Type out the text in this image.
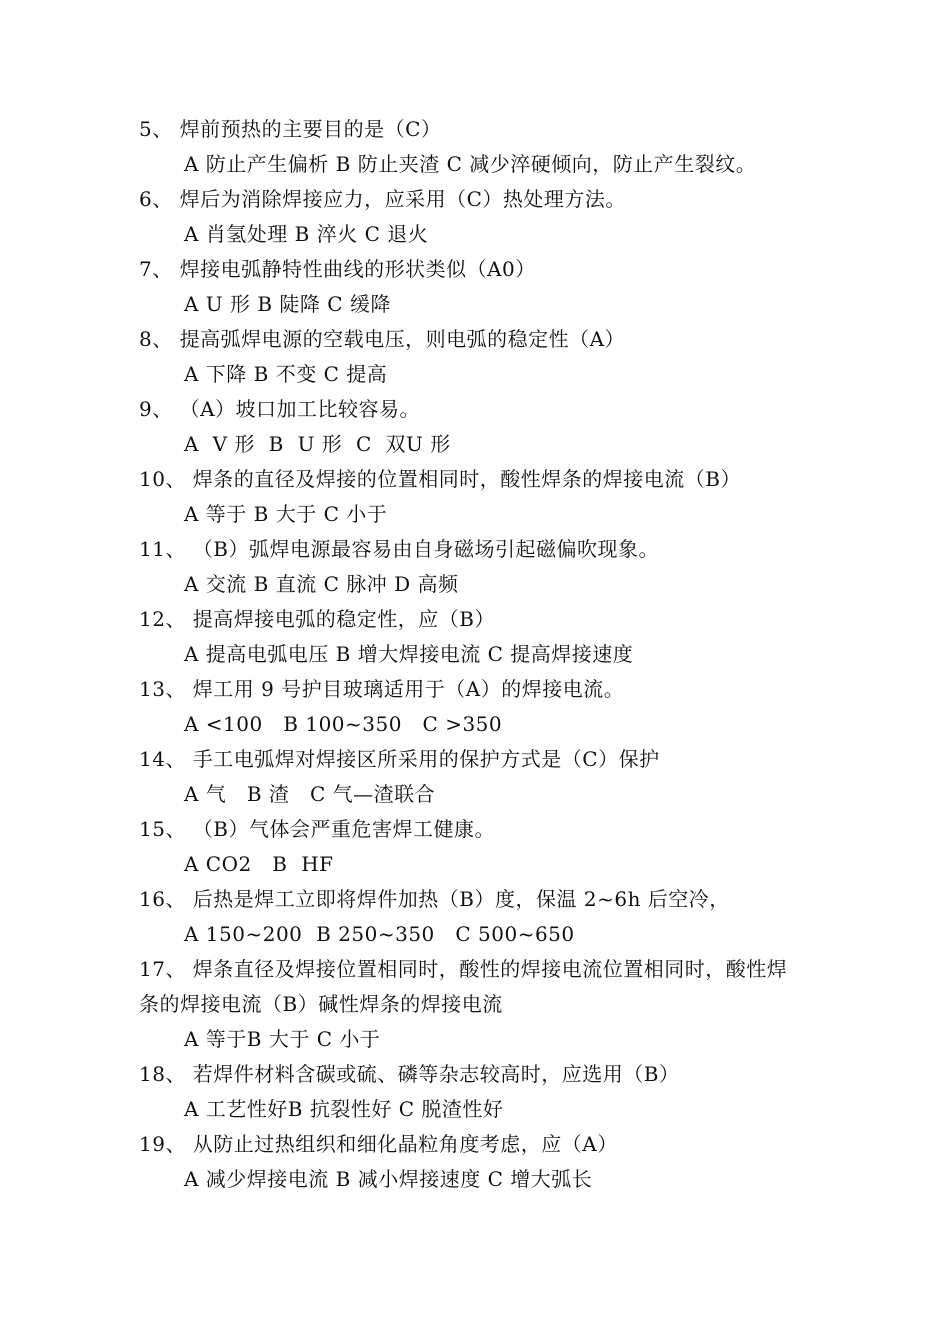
5、 焊前预热的主要目的是（C）
A 防止产生偏析 B 防止夹渣 C 减少淬硬倾向，防止产生裂纹。
6、 焊后为消除焊接应力，应采用（C）热处理方法。
A 肖氢处理 B 淬火 C 退火
7、 焊接电弧静特性曲线的形状类似（A0）
A U 形 B 陡降 C 缓降
8、 提高弧焊电源的空载电压，则电弧的稳定性（A）
A 下降 B 不变 C 提高
9、 （A）坡口加工比较容易。
A  V 形  B  U 形  C  双U 形
10、 焊条的直径及焊接的位置相同时，酸性焊条的焊接电流（B）
A 等于 B 大于 C 小于
11、 （B）弧焊电源最容易由自身磁场引起磁偏吹现象。
A 交流 B 直流 C 脉冲 D 高频
12、 提高焊接电弧的稳定性，应（B）
A 提高电弧电压 B 增大焊接电流 C 提高焊接速度
13、 焊工用 9 号护目玻璃适用于（A）的焊接电流。
A <100   B 100~350   C >350
14、 手工电弧焊对焊接区所采用的保护方式是（C）保护
A 气   B 渣   C 气—渣联合
15、 （B）气体会严重危害焊工健康。
A CO2   B  HF
16、 后热是焊工立即将焊件加热（B）度，保温 2~6h 后空冷，
A 150~200  B 250~350   C 500~650
17、 焊条直径及焊接位置相同时，酸性的焊接电流位置相同时，酸性焊
条的焊接电流（B）碱性焊条的焊接电流
A 等于B 大于 C 小于
18、 若焊件材料含碳或硫、磷等杂志较高时，应选用（B）
A 工艺性好B 抗裂性好 C 脱渣性好
19、 从防止过热组织和细化晶粒角度考虑，应（A）
A 减少焊接电流 B 减小焊接速度 C 增大弧长
